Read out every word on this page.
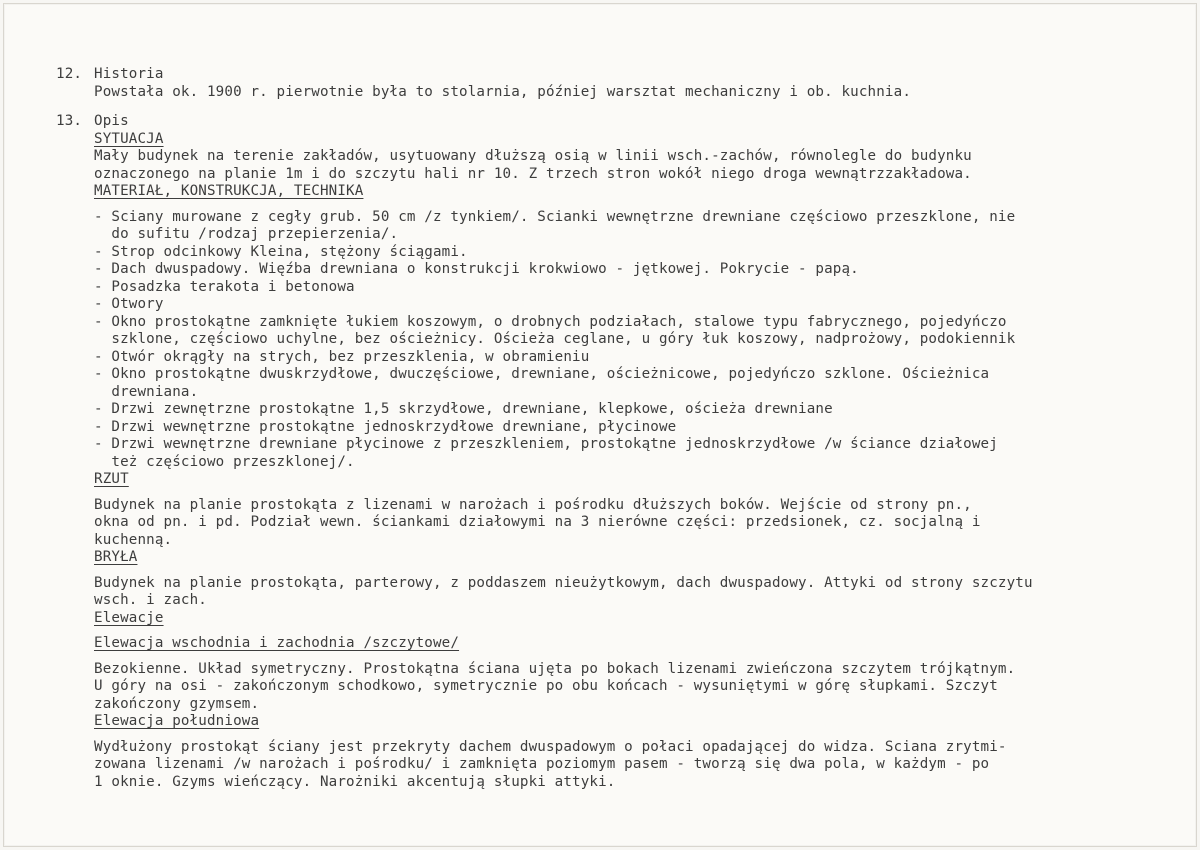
12. Historia
Powstała ok. 1900 r. pierwotnie była to stolarnia, później warsztat mechaniczny i ob. kuchnia.
13. Opis
SYTUACJA
Mały budynek na terenie zakładów, usytuowany dłuższą osią w linii wsch.-zachów, równolegle do budynku
oznaczonego na planie 1m i do szczytu hali nr 10. Z trzech stron wokół niego droga wewnątrzzakładowa.
MATERIAŁ, KONSTRUKCJA, TECHNIKA
- Sciany murowane z cegły grub. 50 cm /z tynkiem/. Scianki wewnętrzne drewniane częściowo przeszklone, nie
do sufitu /rodzaj przepierzenia/.
- Strop odcinkowy Kleina, stężony ściągami.
- Dach dwuspadowy. Więźba drewniana o konstrukcji krokwiowo - jętkowej. Pokrycie - papą.
- Posadzka terakota i betonowa
- Otwory
- Okno prostokątne zamknięte łukiem koszowym, o drobnych podziałach, stalowe typu fabrycznego, pojedyńczo
szklone, częściowo uchylne, bez ościeżnicy. Ościeża ceglane, u góry łuk koszowy, nadprożowy, podokiennik
- Otwór okrągły na strych, bez przeszklenia, w obramieniu
- Okno prostokątne dwuskrzydłowe, dwuczęściowe, drewniane, ościeżnicowe, pojedyńczo szklone. Ościeżnica
drewniana.
- Drzwi zewnętrzne prostokątne 1,5 skrzydłowe, drewniane, klepkowe, ościeża drewniane
- Drzwi wewnętrzne prostokątne jednoskrzydłowe drewniane, płycinowe
- Drzwi wewnętrzne drewniane płycinowe z przeszkleniem, prostokątne jednoskrzydłowe /w ściance działowej
też częściowo przeszklonej/.
RZUT
Budynek na planie prostokąta z lizenami w narożach i pośrodku dłuższych boków. Wejście od strony pn.,
okna od pn. i pd. Podział wewn. ściankami działowymi na 3 nierówne części: przedsionek, cz. socjalną i
kuchenną.
BRYŁA
Budynek na planie prostokąta, parterowy, z poddaszem nieużytkowym, dach dwuspadowy. Attyki od strony szczytu
wsch. i zach.
Elewacje
Elewacja wschodnia i zachodnia /szczytowe/
Bezokienne. Układ symetryczny. Prostokątna ściana ujęta po bokach lizenami zwieńczona szczytem trójkątnym.
U góry na osi - zakończonym schodkowo, symetrycznie po obu końcach - wysuniętymi w górę słupkami. Szczyt
zakończony gzymsem.
Elewacja południowa
Wydłużony prostokąt ściany jest przekryty dachem dwuspadowym o połaci opadającej do widza. Sciana zrytmi-
zowana lizenami /w narożach i pośrodku/ i zamknięta poziomym pasem - tworzą się dwa pola, w każdym - po
1 oknie. Gzyms wieńczący. Narożniki akcentują słupki attyki.
